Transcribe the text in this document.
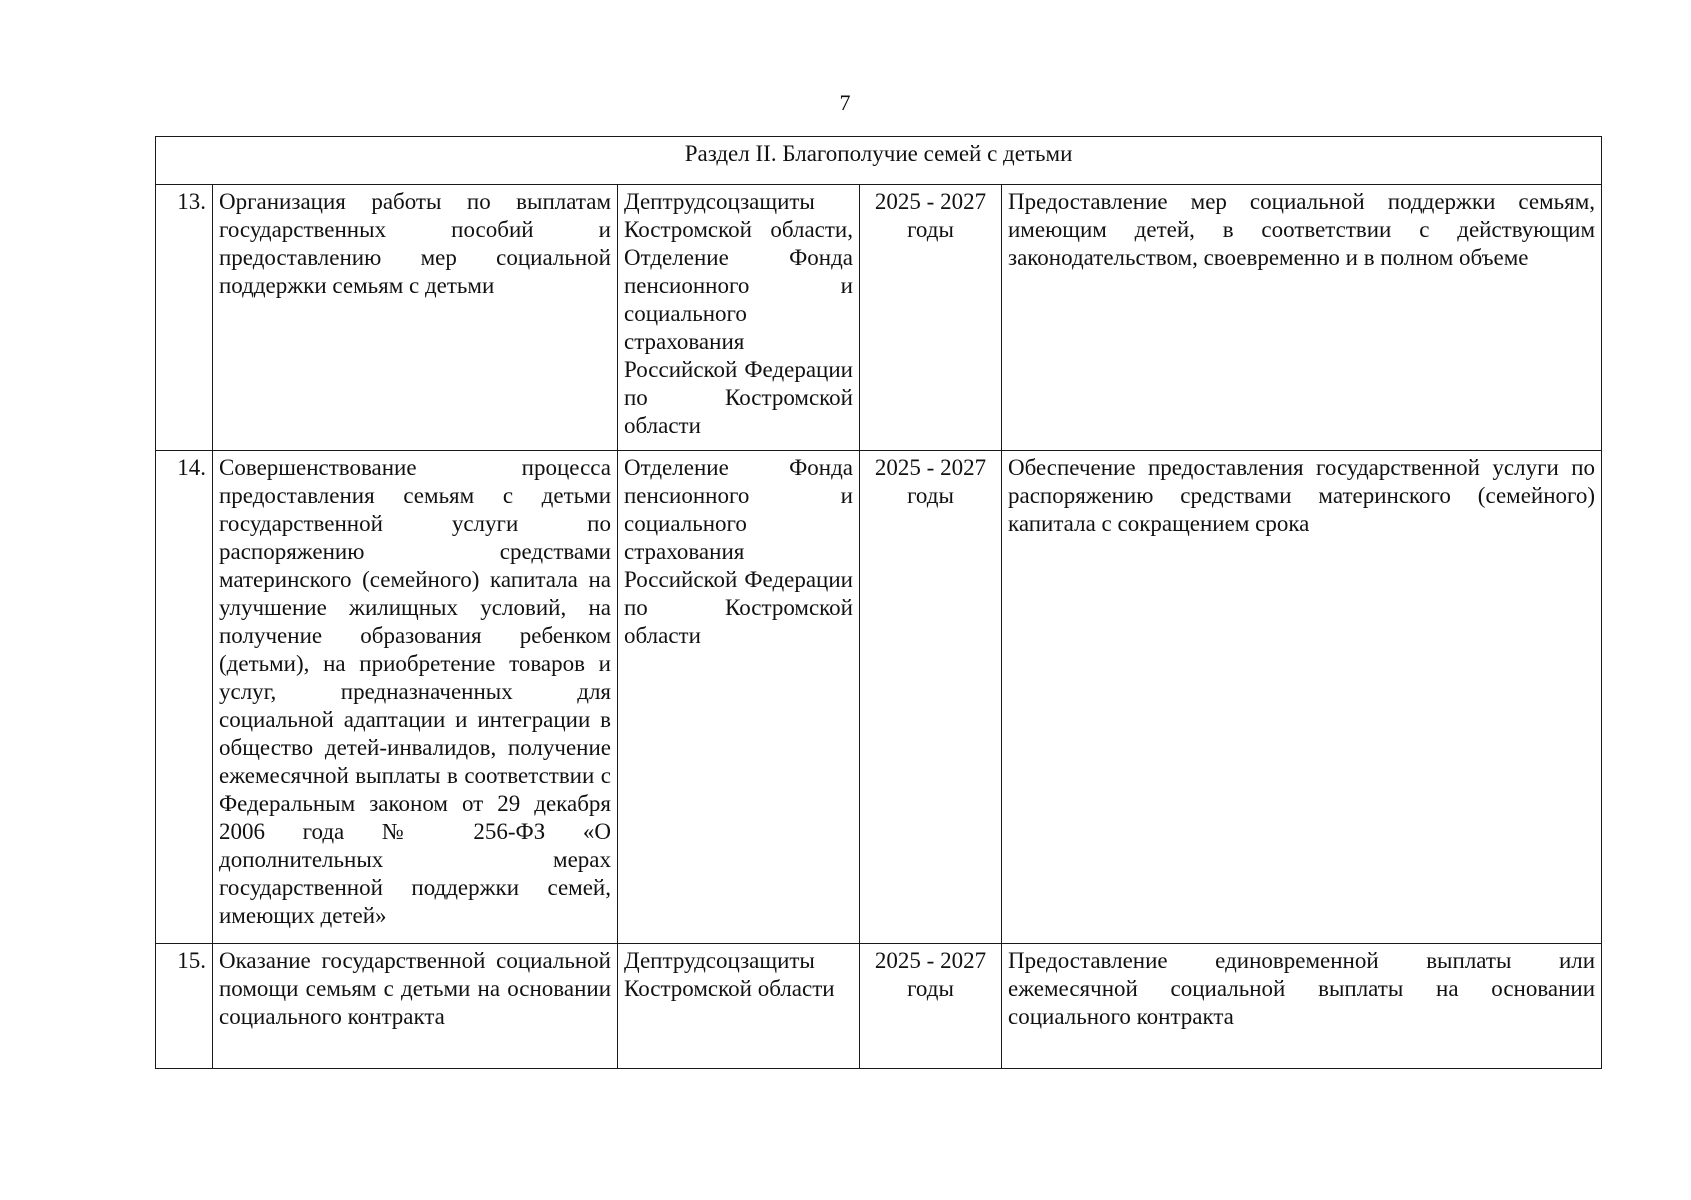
7
Раздел II. Благополучие семей с детьми				
13.	Организация работы по выплатам государственных пособий и предоставлению мер социальной поддержки семьям с детьми	Дептрудсоцзащиты Костромской области, Отделение Фонда пенсионного и социального страхования Российской Федерации по Костромской области	2025 - 2027 годы	Предоставление мер социальной поддержки семьям, имеющим детей, в соответствии с действующим законодательством, своевременно и в полном объеме
14.	Совершенствование процесса предоставления семьям с детьми государственной услуги по распоряжению средствами материнского (семейного) капитала на улучшение жилищных условий, на получение образования ребенком (детьми), на приобретение товаров и услуг, предназначенных для социальной адаптации и интеграции в общество детей-инвалидов, получение ежемесячной выплаты в соответствии с Федеральным законом от 29 декабря 2006 года № 256-ФЗ «О дополнительных мерах государственной поддержки семей, имеющих детей»	Отделение Фонда пенсионного и социального страхования Российской Федерации по Костромской области	2025 - 2027 годы	Обеспечение предоставления государственной услуги по распоряжению средствами материнского (семейного) капитала с сокращением срока
15.	Оказание государственной социальной помощи семьям с детьми на основании социального контракта	Дептрудсоцзащиты Костромской области	2025 - 2027 годы	Предоставление единовременной выплаты или ежемесячной социальной выплаты на основании социального контракта
